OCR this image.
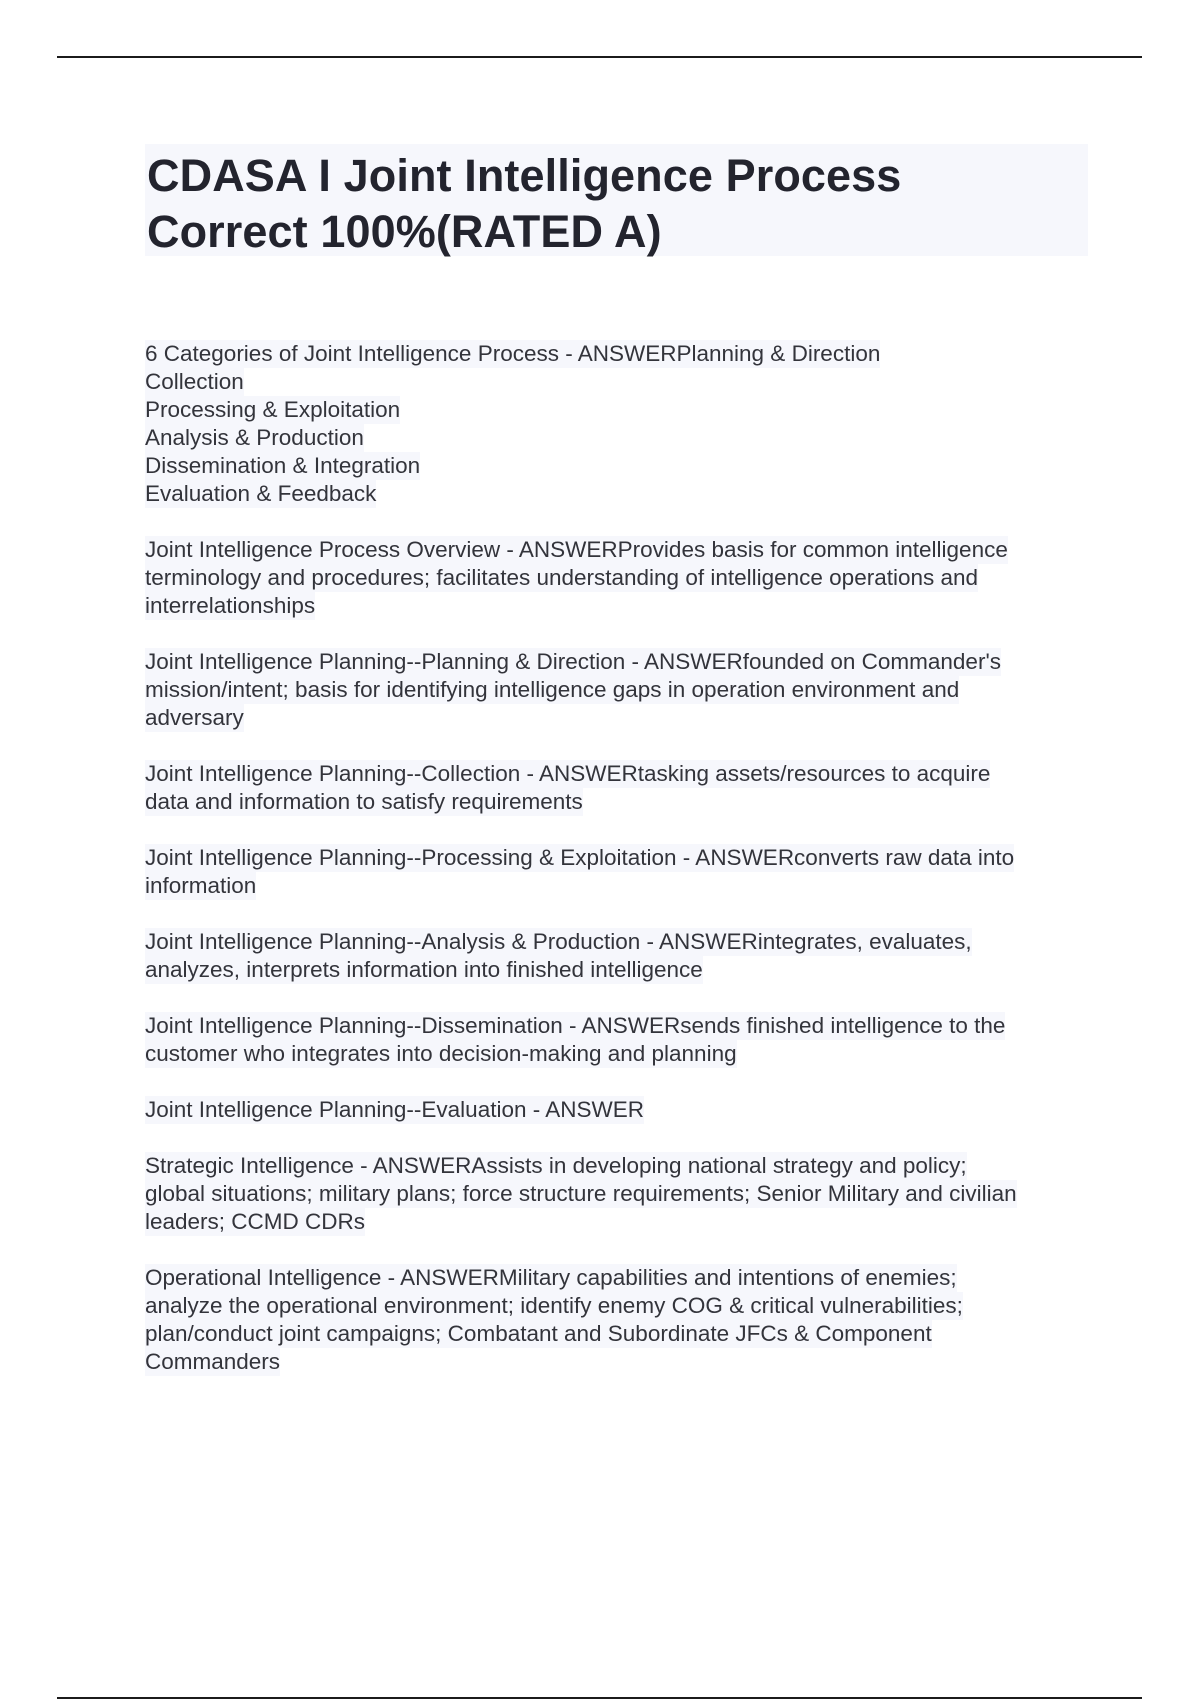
CDASA I Joint Intelligence Process
Correct 100%(RATED A)
6 Categories of Joint Intelligence Process - ANSWERPlanning & Direction
Collection
Processing & Exploitation
Analysis & Production
Dissemination & Integration
Evaluation & Feedback
Joint Intelligence Process Overview - ANSWERProvides basis for common intelligence
terminology and procedures; facilitates understanding of intelligence operations and
interrelationships
Joint Intelligence Planning--Planning & Direction - ANSWERfounded on Commander's
mission/intent; basis for identifying intelligence gaps in operation environment and
adversary
Joint Intelligence Planning--Collection - ANSWERtasking assets/resources to acquire
data and information to satisfy requirements
Joint Intelligence Planning--Processing & Exploitation - ANSWERconverts raw data into
information
Joint Intelligence Planning--Analysis & Production - ANSWERintegrates, evaluates,
analyzes, interprets information into finished intelligence
Joint Intelligence Planning--Dissemination - ANSWERsends finished intelligence to the
customer who integrates into decision-making and planning
Joint Intelligence Planning--Evaluation - ANSWER
Strategic Intelligence - ANSWERAssists in developing national strategy and policy;
global situations; military plans; force structure requirements; Senior Military and civilian
leaders; CCMD CDRs
Operational Intelligence - ANSWERMilitary capabilities and intentions of enemies;
analyze the operational environment; identify enemy COG & critical vulnerabilities;
plan/conduct joint campaigns; Combatant and Subordinate JFCs & Component
Commanders
